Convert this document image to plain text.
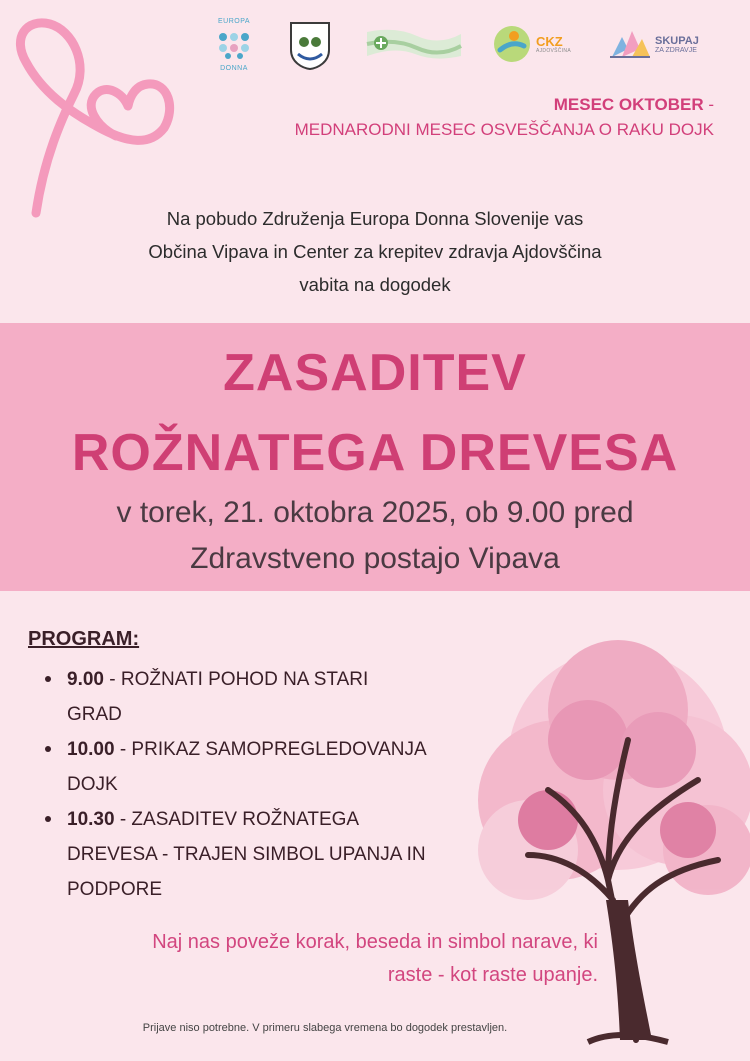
EUROPA
DONNA
CKZ
AJDOVŠČINA
SKUPAJ
ZA ZDRAVJE
MESEC OKTOBER -
MEDNARODNI MESEC OSVEŠČANJA O RAKU DOJK
Na pobudo Združenja Europa Donna Slovenije vas
Občina Vipava in Center za krepitev zdravja Ajdovščina
vabita na dogodek
ZASADITEV
ROŽNATEGA DREVESA
v torek, 21. oktobra 2025, ob 9.00 pred
Zdravstveno postajo Vipava
PROGRAM:
9.00 - ROŽNATI POHOD NA STARI
GRAD
10.00 - PRIKAZ SAMOPREGLEDOVANJA
DOJK
10.30 - ZASADITEV ROŽNATEGA
DREVESA - TRAJEN SIMBOL UPANJA IN
PODPORE
Naj nas poveže korak, beseda in simbol narave, ki
raste - kot raste upanje.
Prijave niso potrebne. V primeru slabega vremena bo dogodek prestavljen.
